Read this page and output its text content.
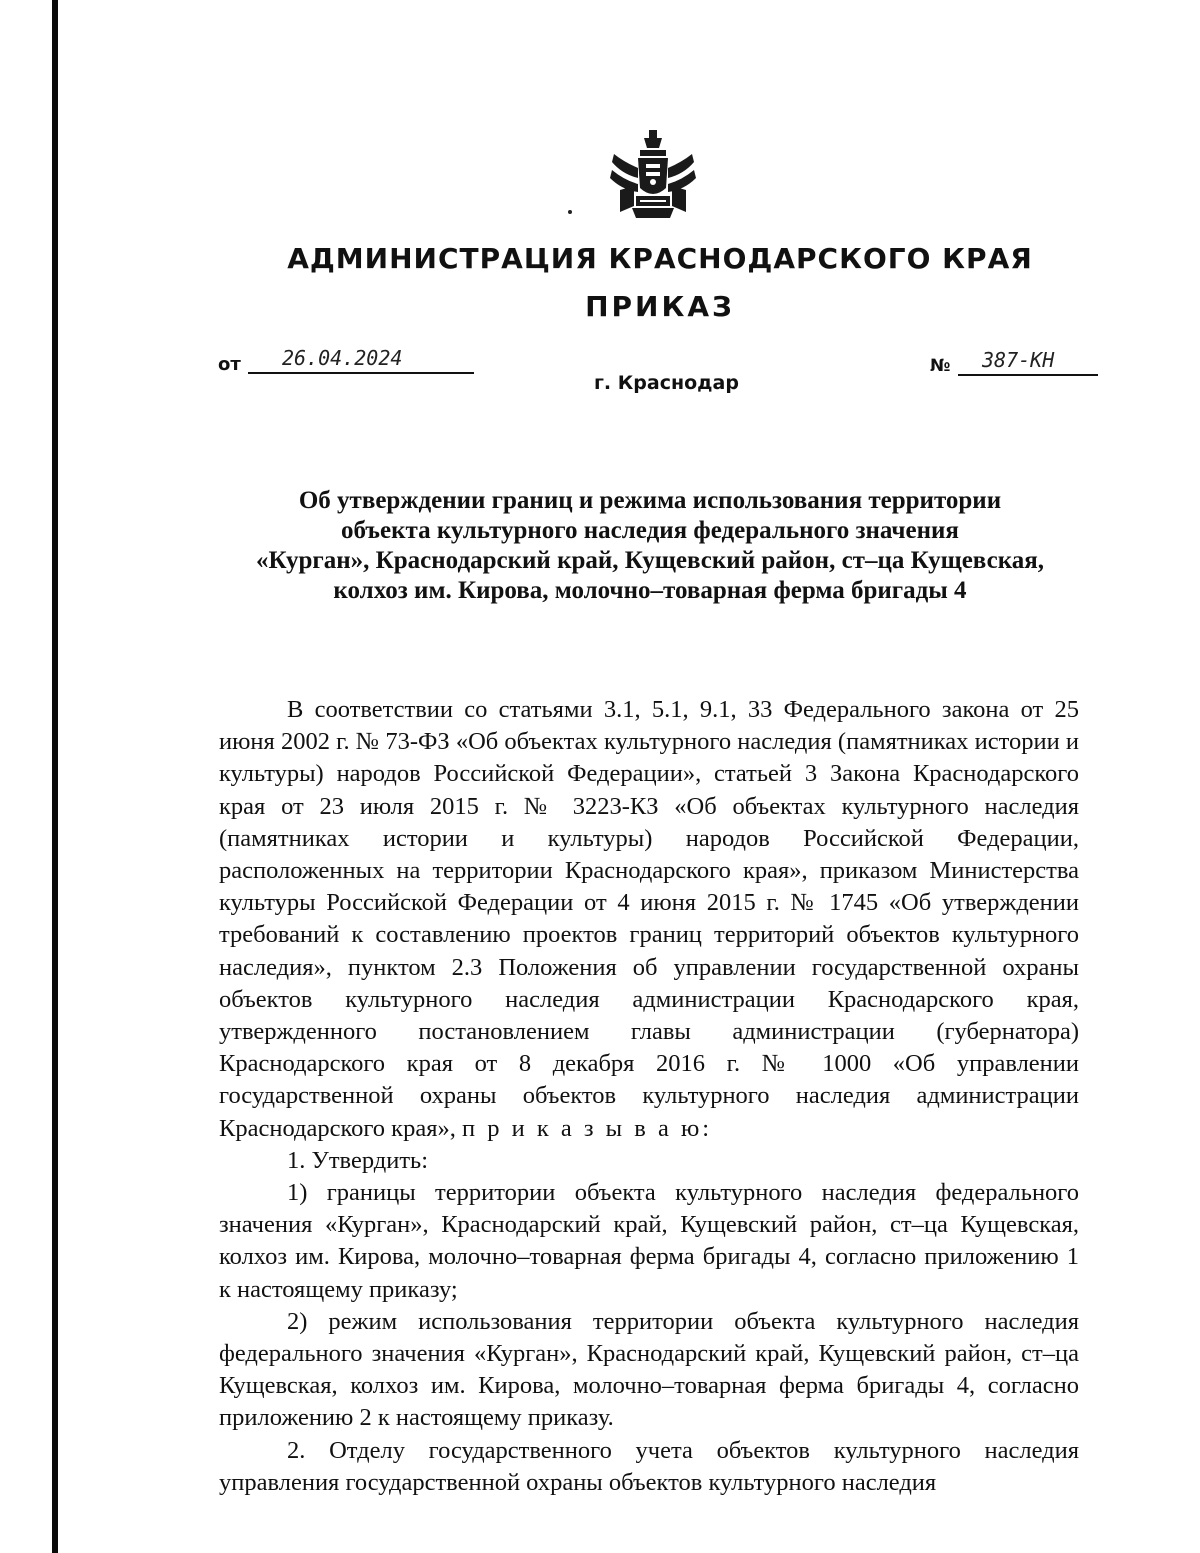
АДМИНИСТРАЦИЯ КРАСНОДАРСКОГО КРАЯ
ПРИКАЗ
от 26.04.2024	№ 387-КН
г. Краснодар
Об утверждении границ и режима использования территории
объекта культурного наследия федерального значения
«Курган», Краснодарский край, Кущевский район, ст–ца Кущевская,
колхоз им. Кирова, молочно–товарная ферма бригады 4

В соответствии со статьями 3.1, 5.1, 9.1, 33 Федерального закона от 25 июня 2002 г. № 73-ФЗ «Об объектах культурного наследия (памятниках истории и культуры) народов Российской Федерации», статьей 3 Закона Краснодарского края от 23 июля 2015 г. № 3223-КЗ «Об объектах культурного наследия (памятниках истории и культуры) народов Российской Федерации, расположенных на территории Краснодарского края», приказом Министерства культуры Российской Федерации от 4 июня 2015 г. № 1745 «Об утверждении требований к составлению проектов границ территорий объектов культурного наследия», пунктом 2.3 Положения об управлении государственной охраны объектов культурного наследия администрации Краснодарского края, утвержденного постановлением главы администрации (губернатора) Краснодарского края от 8 декабря 2016 г. № 1000 «Об управлении государственной охраны объектов культурного наследия администрации Краснодарского края», п р и к а з ы в а ю:

1. Утвердить:

1) границы территории объекта культурного наследия федерального значения «Курган», Краснодарский край, Кущевский район, ст–ца Кущевская, колхоз им. Кирова, молочно–товарная ферма бригады 4, согласно приложению 1 к настоящему приказу;

2) режим использования территории объекта культурного наследия федерального значения «Курган», Краснодарский край, Кущевский район, ст–ца Кущевская, колхоз им. Кирова, молочно–товарная ферма бригады 4, согласно приложению 2 к настоящему приказу.

2. Отделу государственного учета объектов культурного наследия управления государственной охраны объектов культурного наследия
